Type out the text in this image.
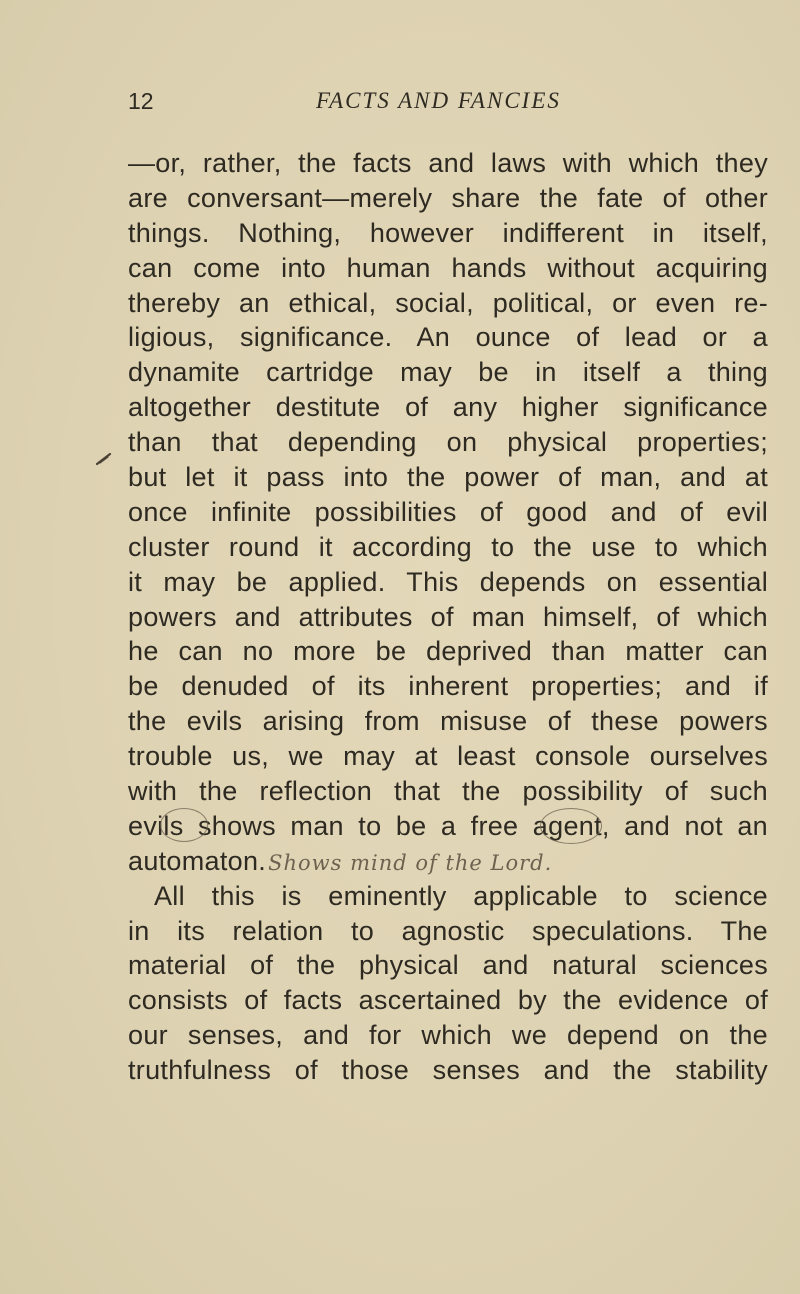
12	FACTS AND FANCIES
—or, rather, the facts and laws with which they
are conversant—merely share the fate of other
things. Nothing, however indifferent in itself,
can come into human hands without acquiring
thereby an ethical, social, political, or even re-
ligious, significance. An ounce of lead or a
dynamite cartridge may be in itself a thing
altogether destitute of any higher significance
than that depending on physical properties;
but let it pass into the power of man, and at
once infinite possibilities of good and of evil
cluster round it according to the use to which
it may be applied. This depends on essential
powers and attributes of man himself, of which
he can no more be deprived than matter can
be denuded of its inherent properties; and if
the evils arising from misuse of these powers
trouble us, we may at least console ourselves
with the reflection that the possibility of such
evils shows man to be a free agent, and not an
automaton.Shows mind of the Lord.
All this is eminently applicable to science
in its relation to agnostic speculations. The
material of the physical and natural sciences
consists of facts ascertained by the evidence of
our senses, and for which we depend on the
truthfulness of those senses and the stability
